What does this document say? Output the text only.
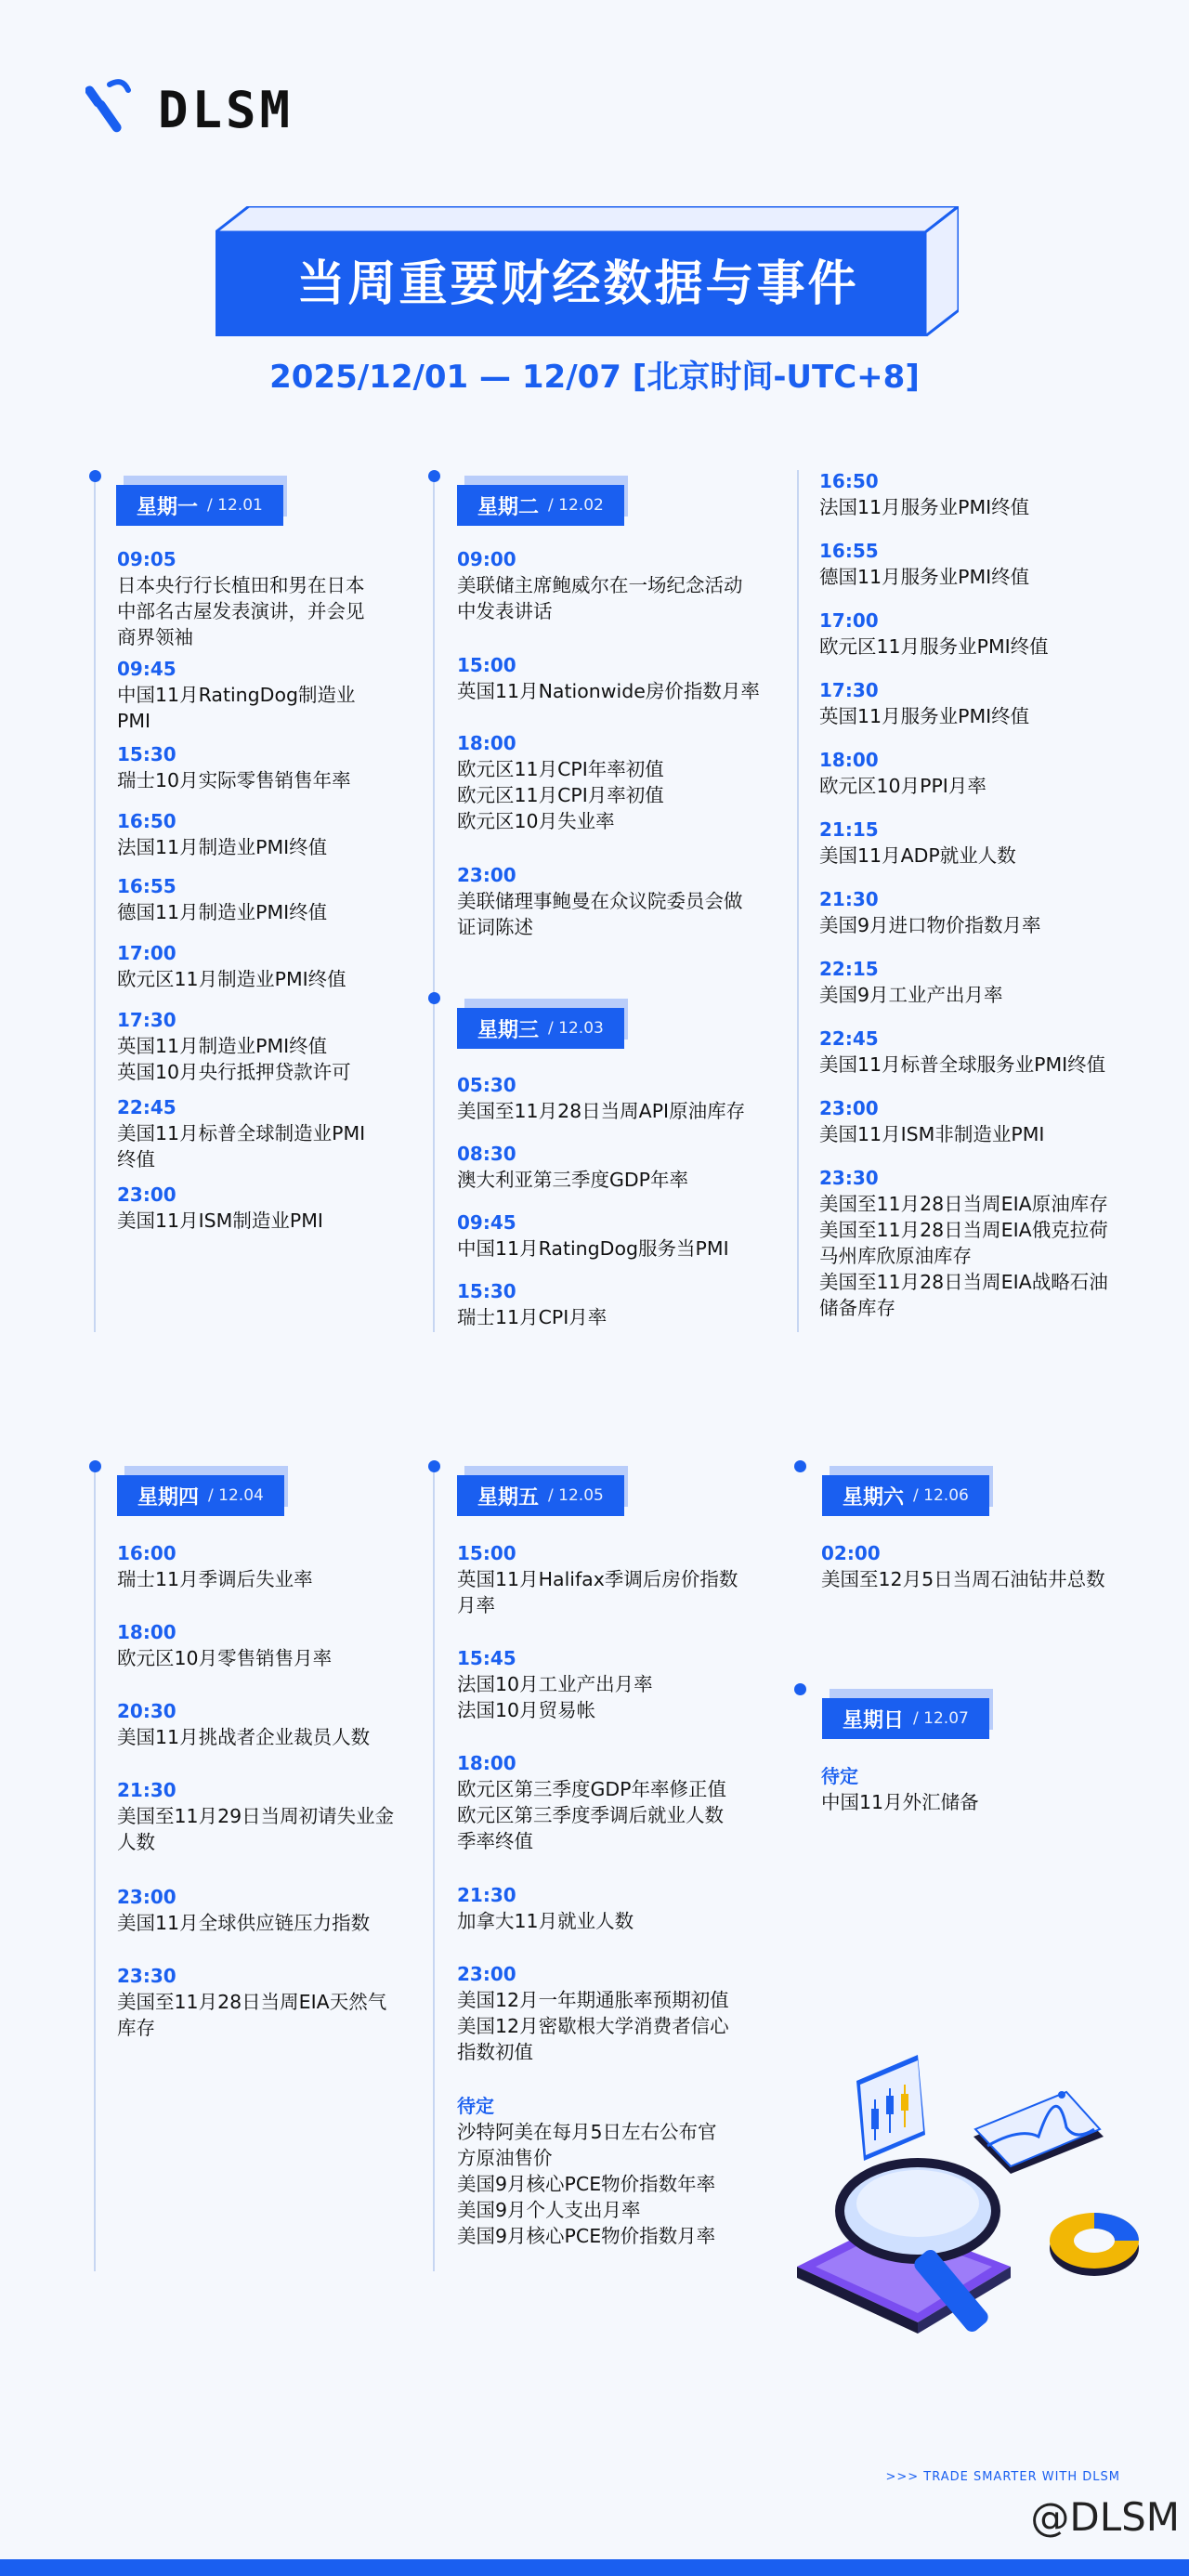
DLSM
当周重要财经数据与事件
2025/12/01 — 12/07 [北京时间-UTC+8]
星期一 / 12.01
09:05
日本央行行长植田和男在日本
中部名古屋发表演讲，并会见
商界领袖
09:45
中国11月RatingDog制造业
PMI
15:30
瑞士10月实际零售销售年率
16:50
法国11月制造业PMI终值
16:55
德国11月制造业PMI终值
17:00
欧元区11月制造业PMI终值
17:30
英国11月制造业PMI终值
英国10月央行抵押贷款许可
22:45
美国11月标普全球制造业PMI
终值
23:00
美国11月ISM制造业PMI
星期二 / 12.02
09:00
美联储主席鲍威尔在一场纪念活动
中发表讲话
15:00
英国11月Nationwide房价指数月率
18:00
欧元区11月CPI年率初值
欧元区11月CPI月率初值
欧元区10月失业率
23:00
美联储理事鲍曼在众议院委员会做
证词陈述
星期三 / 12.03
05:30
美国至11月28日当周API原油库存
08:30
澳大利亚第三季度GDP年率
09:45
中国11月RatingDog服务当PMI
15:30
瑞士11月CPI月率
16:50
法国11月服务业PMI终值
16:55
德国11月服务业PMI终值
17:00
欧元区11月服务业PMI终值
17:30
英国11月服务业PMI终值
18:00
欧元区10月PPI月率
21:15
美国11月ADP就业人数
21:30
美国9月进口物价指数月率
22:15
美国9月工业产出月率
22:45
美国11月标普全球服务业PMI终值
23:00
美国11月ISM非制造业PMI
23:30
美国至11月28日当周EIA原油库存
美国至11月28日当周EIA俄克拉荷
马州库欣原油库存
美国至11月28日当周EIA战略石油
储备库存
星期四 / 12.04
16:00
瑞士11月季调后失业率
18:00
欧元区10月零售销售月率
20:30
美国11月挑战者企业裁员人数
21:30
美国至11月29日当周初请失业金
人数
23:00
美国11月全球供应链压力指数
23:30
美国至11月28日当周EIA天然气
库存
星期五 / 12.05
15:00
英国11月Halifax季调后房价指数
月率
15:45
法国10月工业产出月率
法国10月贸易帐
18:00
欧元区第三季度GDP年率修正值
欧元区第三季度季调后就业人数
季率终值
21:30
加拿大11月就业人数
23:00
美国12月一年期通胀率预期初值
美国12月密歇根大学消费者信心
指数初值
待定
沙特阿美在每月5日左右公布官
方原油售价
美国9月核心PCE物价指数年率
美国9月个人支出月率
美国9月核心PCE物价指数月率
星期六 / 12.06
02:00
美国至12月5日当周石油钻井总数
星期日 / 12.07
待定
中国11月外汇储备
>>> TRADE SMARTER WITH DLSM
@DLSM
